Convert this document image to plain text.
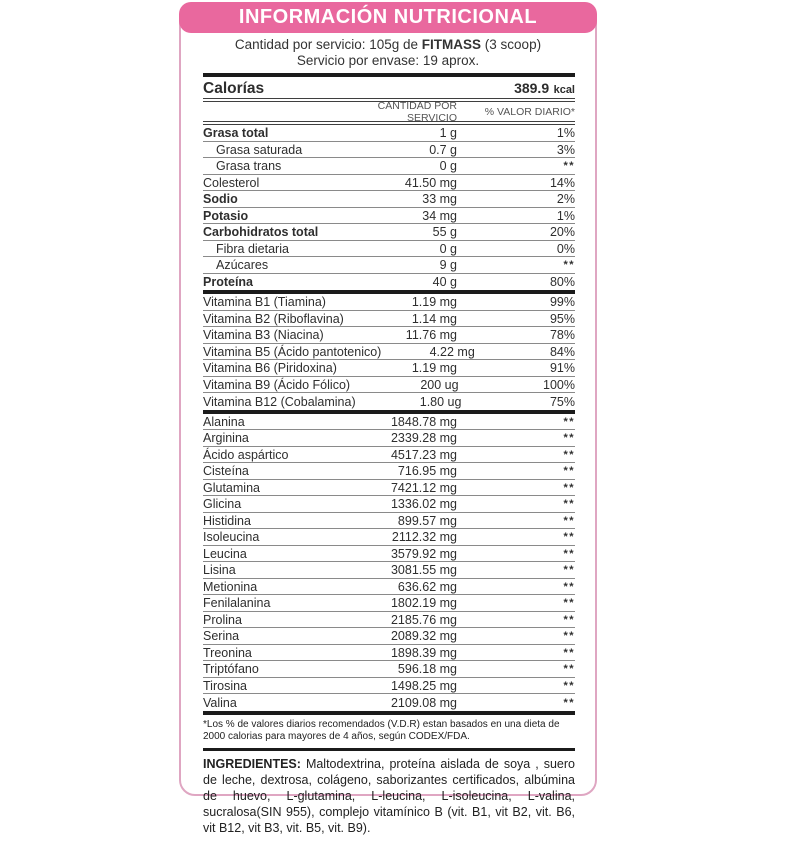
INFORMACIÓN NUTRICIONAL
Cantidad por servicio: 105g de FITMASS (3 scoop)
Servicio por envase: 19 aprox.
Calorías	389.9 kcal
CANTIDAD POR SERVICIO	% VALOR DIARIO*
Grasa total	1 g	1%
Grasa saturada	0.7 g	3%
Grasa trans	0 g	**
Colesterol	41.50 mg	14%
Sodio	33 mg	2%
Potasio	34 mg	1%
Carbohidratos total	55 g	20%
Fibra dietaria	0 g	0%
Azúcares	9 g	**
Proteína	40 g	80%
Vitamina B1 (Tiamina)	1.19 mg	99%
Vitamina B2 (Riboflavina)	1.14 mg	95%
Vitamina B3 (Niacina)	11.76 mg	78%
Vitamina B5 (Ácido pantotenico)	4.22 mg	84%
Vitamina B6 (Piridoxina)	1.19 mg	91%
Vitamina B9 (Ácido Fólico)	200 ug	100%
Vitamina B12 (Cobalamina)	1.80 ug	75%
Alanina	1848.78 mg	**
Arginina	2339.28 mg	**
Ácido aspártico	4517.23 mg	**
Cisteína	716.95 mg	**
Glutamina	7421.12 mg	**
Glicina	1336.02 mg	**
Histidina	899.57 mg	**
Isoleucina	2112.32 mg	**
Leucina	3579.92 mg	**
Lisina	3081.55 mg	**
Metionina	636.62 mg	**
Fenilalanina	1802.19 mg	**
Prolina	2185.76 mg	**
Serina	2089.32 mg	**
Treonina	1898.39 mg	**
Triptófano	596.18 mg	**
Tirosina	1498.25 mg	**
Valina	2109.08 mg	**
*Los % de valores diarios recomendados (V.D.R) estan basados en una dieta de 2000 calorias para mayores de 4 años, según CODEX/FDA.
INGREDIENTES: Maltodextrina, proteína aislada de soya , suero de leche, dextrosa, colágeno, saborizantes certificados, albúmina de huevo, L-glutamina, L-leucina, L-isoleucina, L-valina, sucralosa(SIN 955), complejo vitamínico B (vit. B1, vit B2, vit. B6, vit B12, vit B3, vit. B5, vit. B9).
